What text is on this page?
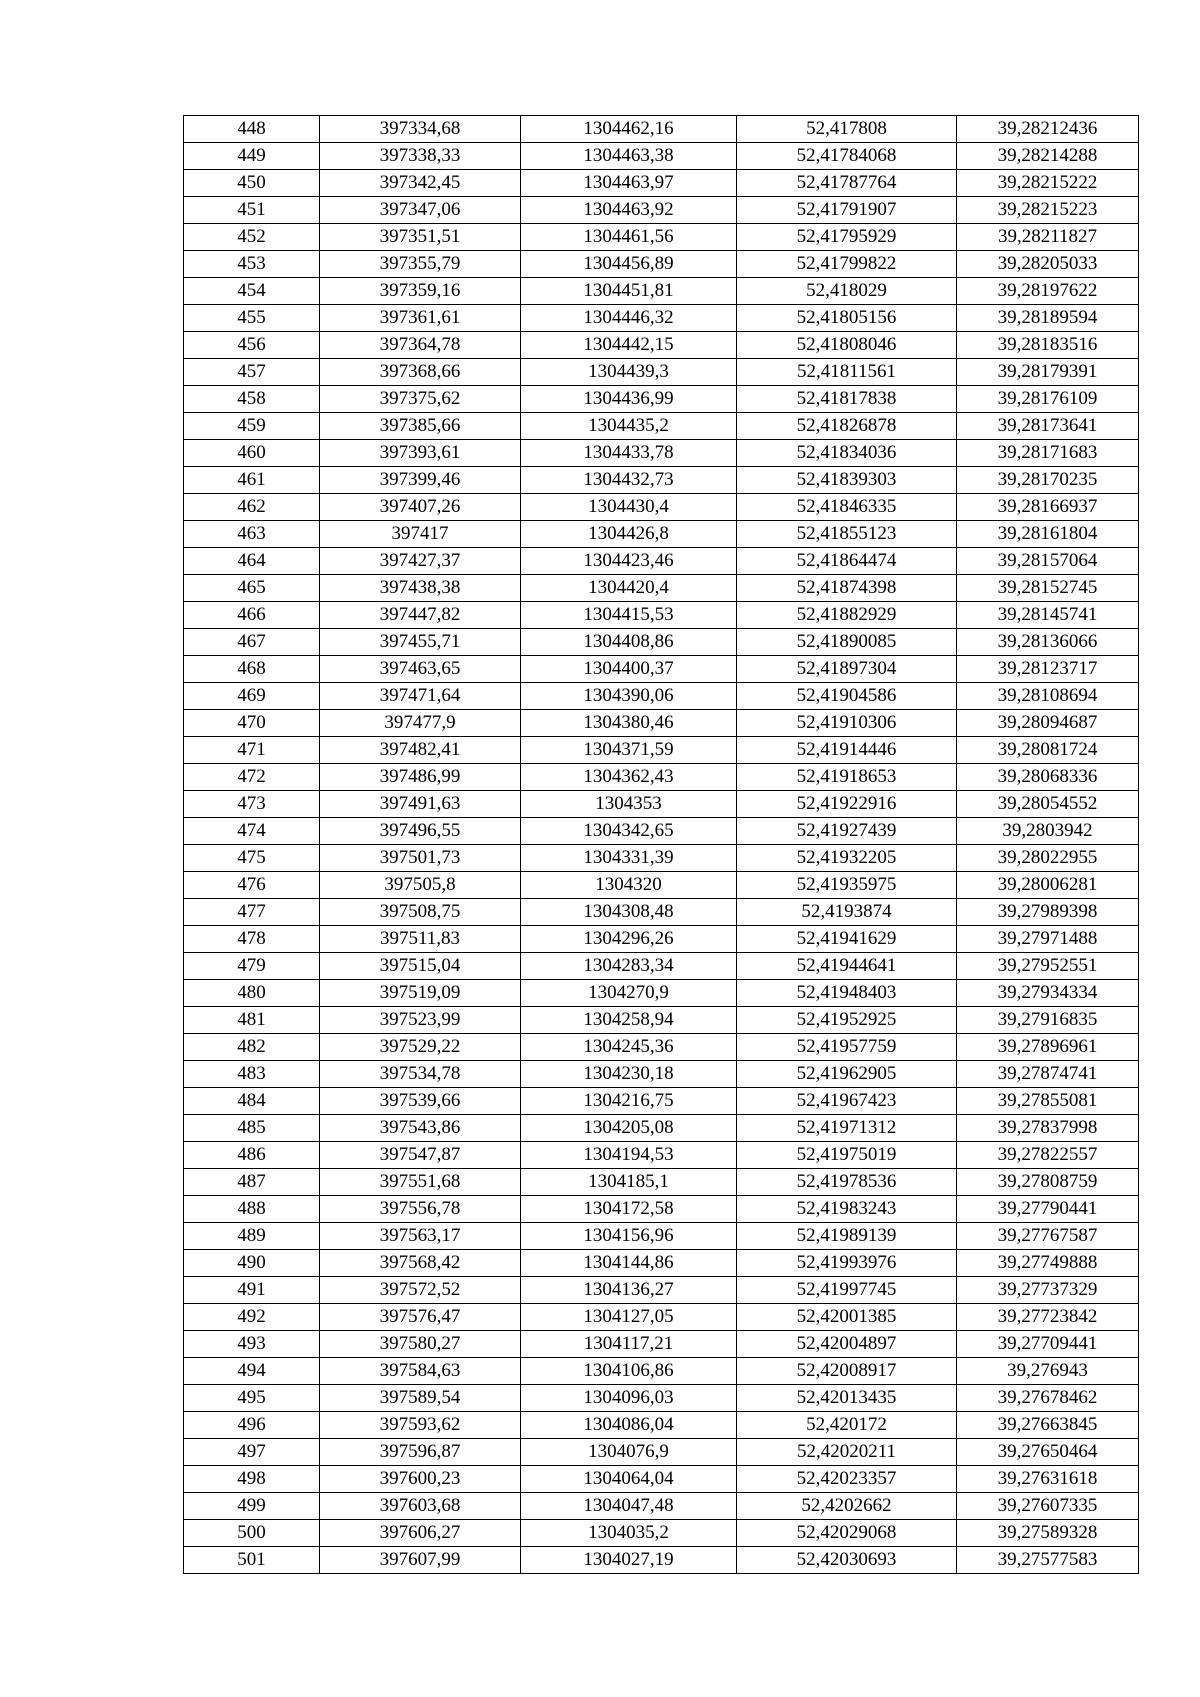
448	397334,68	1304462,16	52,417808	39,28212436
449	397338,33	1304463,38	52,41784068	39,28214288
450	397342,45	1304463,97	52,41787764	39,28215222
451	397347,06	1304463,92	52,41791907	39,28215223
452	397351,51	1304461,56	52,41795929	39,28211827
453	397355,79	1304456,89	52,41799822	39,28205033
454	397359,16	1304451,81	52,418029	39,28197622
455	397361,61	1304446,32	52,41805156	39,28189594
456	397364,78	1304442,15	52,41808046	39,28183516
457	397368,66	1304439,3	52,41811561	39,28179391
458	397375,62	1304436,99	52,41817838	39,28176109
459	397385,66	1304435,2	52,41826878	39,28173641
460	397393,61	1304433,78	52,41834036	39,28171683
461	397399,46	1304432,73	52,41839303	39,28170235
462	397407,26	1304430,4	52,41846335	39,28166937
463	397417	1304426,8	52,41855123	39,28161804
464	397427,37	1304423,46	52,41864474	39,28157064
465	397438,38	1304420,4	52,41874398	39,28152745
466	397447,82	1304415,53	52,41882929	39,28145741
467	397455,71	1304408,86	52,41890085	39,28136066
468	397463,65	1304400,37	52,41897304	39,28123717
469	397471,64	1304390,06	52,41904586	39,28108694
470	397477,9	1304380,46	52,41910306	39,28094687
471	397482,41	1304371,59	52,41914446	39,28081724
472	397486,99	1304362,43	52,41918653	39,28068336
473	397491,63	1304353	52,41922916	39,28054552
474	397496,55	1304342,65	52,41927439	39,2803942
475	397501,73	1304331,39	52,41932205	39,28022955
476	397505,8	1304320	52,41935975	39,28006281
477	397508,75	1304308,48	52,4193874	39,27989398
478	397511,83	1304296,26	52,41941629	39,27971488
479	397515,04	1304283,34	52,41944641	39,27952551
480	397519,09	1304270,9	52,41948403	39,27934334
481	397523,99	1304258,94	52,41952925	39,27916835
482	397529,22	1304245,36	52,41957759	39,27896961
483	397534,78	1304230,18	52,41962905	39,27874741
484	397539,66	1304216,75	52,41967423	39,27855081
485	397543,86	1304205,08	52,41971312	39,27837998
486	397547,87	1304194,53	52,41975019	39,27822557
487	397551,68	1304185,1	52,41978536	39,27808759
488	397556,78	1304172,58	52,41983243	39,27790441
489	397563,17	1304156,96	52,41989139	39,27767587
490	397568,42	1304144,86	52,41993976	39,27749888
491	397572,52	1304136,27	52,41997745	39,27737329
492	397576,47	1304127,05	52,42001385	39,27723842
493	397580,27	1304117,21	52,42004897	39,27709441
494	397584,63	1304106,86	52,42008917	39,276943
495	397589,54	1304096,03	52,42013435	39,27678462
496	397593,62	1304086,04	52,420172	39,27663845
497	397596,87	1304076,9	52,42020211	39,27650464
498	397600,23	1304064,04	52,42023357	39,27631618
499	397603,68	1304047,48	52,4202662	39,27607335
500	397606,27	1304035,2	52,42029068	39,27589328
501	397607,99	1304027,19	52,42030693	39,27577583
